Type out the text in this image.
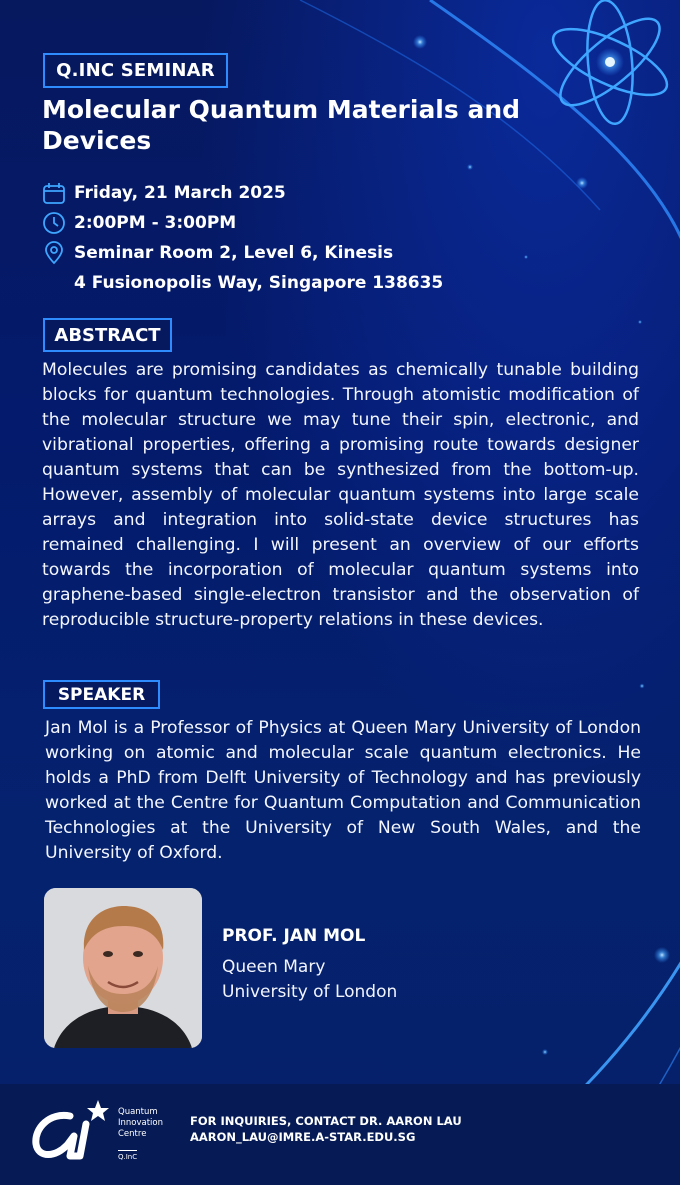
Q.INC SEMINAR
Molecular Quantum Materials and Devices
Friday, 21 March 2025
2:00PM - 3:00PM
Seminar Room 2, Level 6, Kinesis
4 Fusionopolis Way, Singapore 138635
ABSTRACT

Molecules are promising candidates as chemically tunable building blocks for quantum technologies. Through atomistic modification of the molecular structure we may tune their spin, electronic, and vibrational properties, offering a promising route towards designer quantum systems that can be synthesized from the bottom-up. However, assembly of molecular quantum systems into large scale arrays and integration into solid-state device structures has remained challenging. I will present an overview of our efforts towards the incorporation of molecular quantum systems into graphene-based single-electron transistor and the observation of reproducible structure-property relations in these devices.

SPEAKER

Jan Mol is a Professor of Physics at Queen Mary University of London working on atomic and molecular scale quantum electronics. He holds a PhD from Delft University of Technology and has previously worked at the Centre for Quantum Computation and Communication Technologies at the University of New South Wales, and the University of Oxford.

PROF. JAN MOL
Queen Mary
University of London
Quantum
Innovation
Centre
Q.InC
FOR INQUIRIES, CONTACT DR. AARON LAU
AARON_LAU@IMRE.A-STAR.EDU.SG
